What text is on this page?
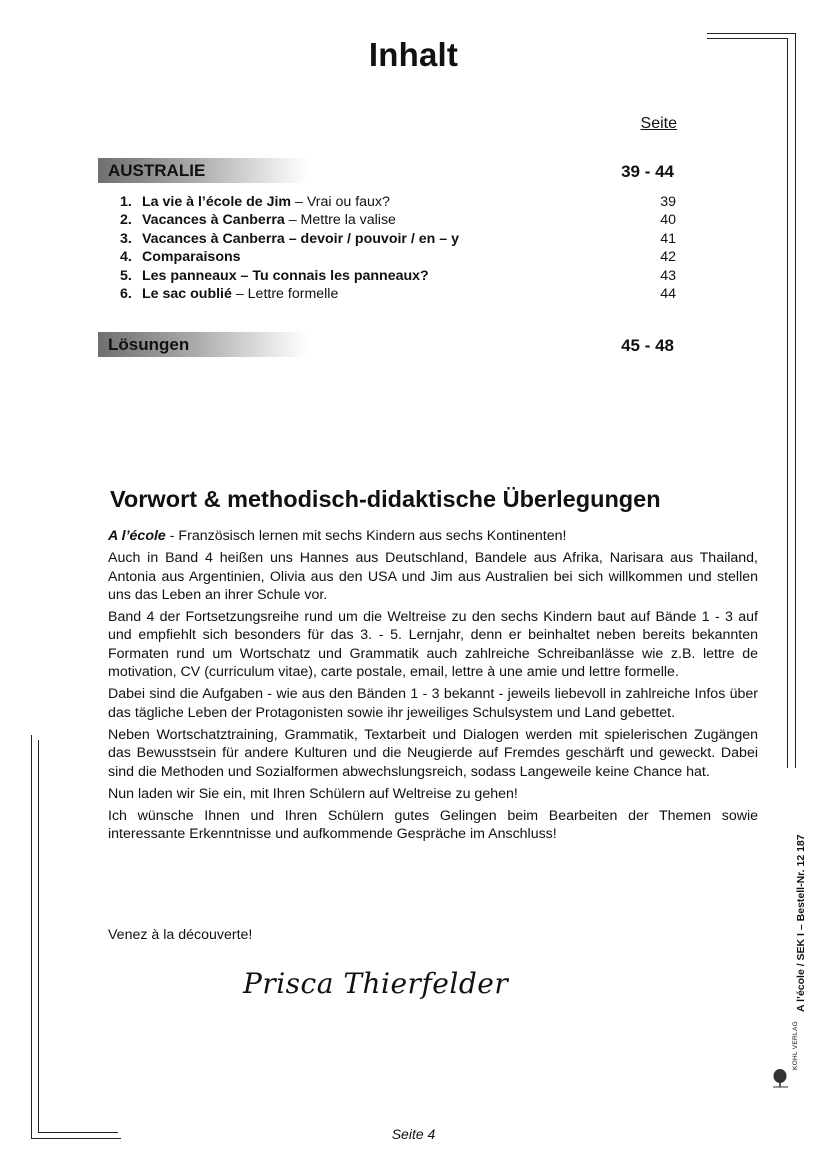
Inhalt
Seite
AUSTRALIE	39 - 44
1. La vie à l’école de Jim – Vrai ou faux?	39
2. Vacances à Canberra – Mettre la valise	40
3. Vacances à Canberra – devoir / pouvoir / en – y	41
4. Comparaisons	42
5. Les panneaux – Tu connais les panneaux?	43
6. Le sac oublié – Lettre formelle	44
Lösungen	45 - 48
Vorwort & methodisch-didaktische Überlegungen

A l’école - Französisch lernen mit sechs Kindern aus sechs Kontinenten!

Auch in Band 4 heißen uns Hannes aus Deutschland, Bandele aus Afrika, Narisara aus Thailand, Antonia aus Argentinien, Olivia aus den USA und Jim aus Australien bei sich willkommen und stellen uns das Leben an ihrer Schule vor.

Band 4 der Fortsetzungsreihe rund um die Weltreise zu den sechs Kindern baut auf Bände 1 - 3 auf und empfiehlt sich besonders für das 3. - 5. Lernjahr, denn er beinhaltet neben bereits bekannten Formaten rund um Wortschatz und Grammatik auch zahlreiche Schreibanlässe wie z.B. lettre de motivation, CV (curriculum vitae), carte postale, email, lettre à une amie und lettre formelle.

Dabei sind die Aufgaben - wie aus den Bänden 1 - 3 bekannt - jeweils liebevoll in zahlreiche Infos über das tägliche Leben der Protagonisten sowie ihr jeweiliges Schulsystem und Land gebettet.

Neben Wortschatztraining, Grammatik, Textarbeit und Dialogen werden mit spielerischen Zugängen das Bewusstsein für andere Kulturen und die Neugierde auf Fremdes geschärft und geweckt. Dabei sind die Methoden und Sozialformen abwechslungsreich, sodass Langeweile keine Chance hat.

Nun laden wir Sie ein, mit Ihren Schülern auf Weltreise zu gehen!

Ich wünsche Ihnen und Ihren Schülern gutes Gelingen beim Bearbeiten der Themen sowie interessante Erkenntnisse und aufkommende Gespräche im Anschluss!

Venez à la découverte!
Prisca Thierfelder
Seite 4
A l’école / SEK I – Bestell-Nr. 12 187
KOHL VERLAG
